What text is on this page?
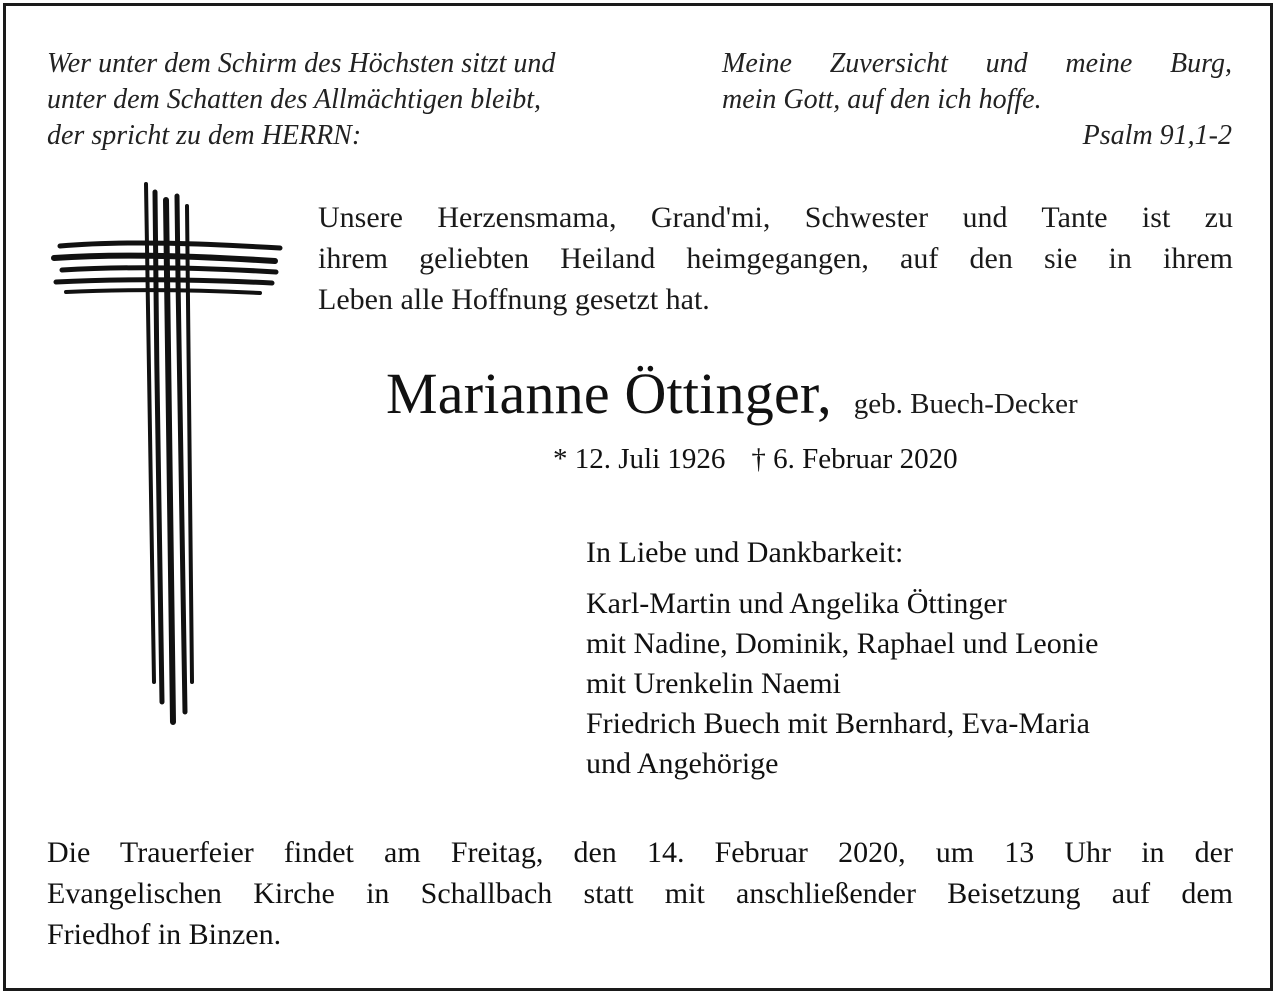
Wer unter dem Schirm des Höchsten sitzt und
unter dem Schatten des Allmächtigen bleibt,
der spricht zu dem HERRN:
Meine Zuversicht und meine Burg,
mein Gott, auf den ich hoffe.
Psalm 91,1-2
Unsere Herzensmama, Grand'mi, Schwester und Tante ist zu
ihrem geliebten Heiland heimgegangen, auf den sie in ihrem
Leben alle Hoffnung gesetzt hat.
Marianne Öttinger, geb. Buech-Decker
* 12. Juli 1926 † 6. Februar 2020
In Liebe und Dankbarkeit:
Karl-Martin und Angelika Öttinger
mit Nadine, Dominik, Raphael und Leonie
mit Urenkelin Naemi
Friedrich Buech mit Bernhard, Eva-Maria
und Angehörige
Die Trauerfeier findet am Freitag, den 14. Februar 2020, um 13 Uhr in der
Evangelischen Kirche in Schallbach statt mit anschließender Beisetzung auf dem
Friedhof in Binzen.
